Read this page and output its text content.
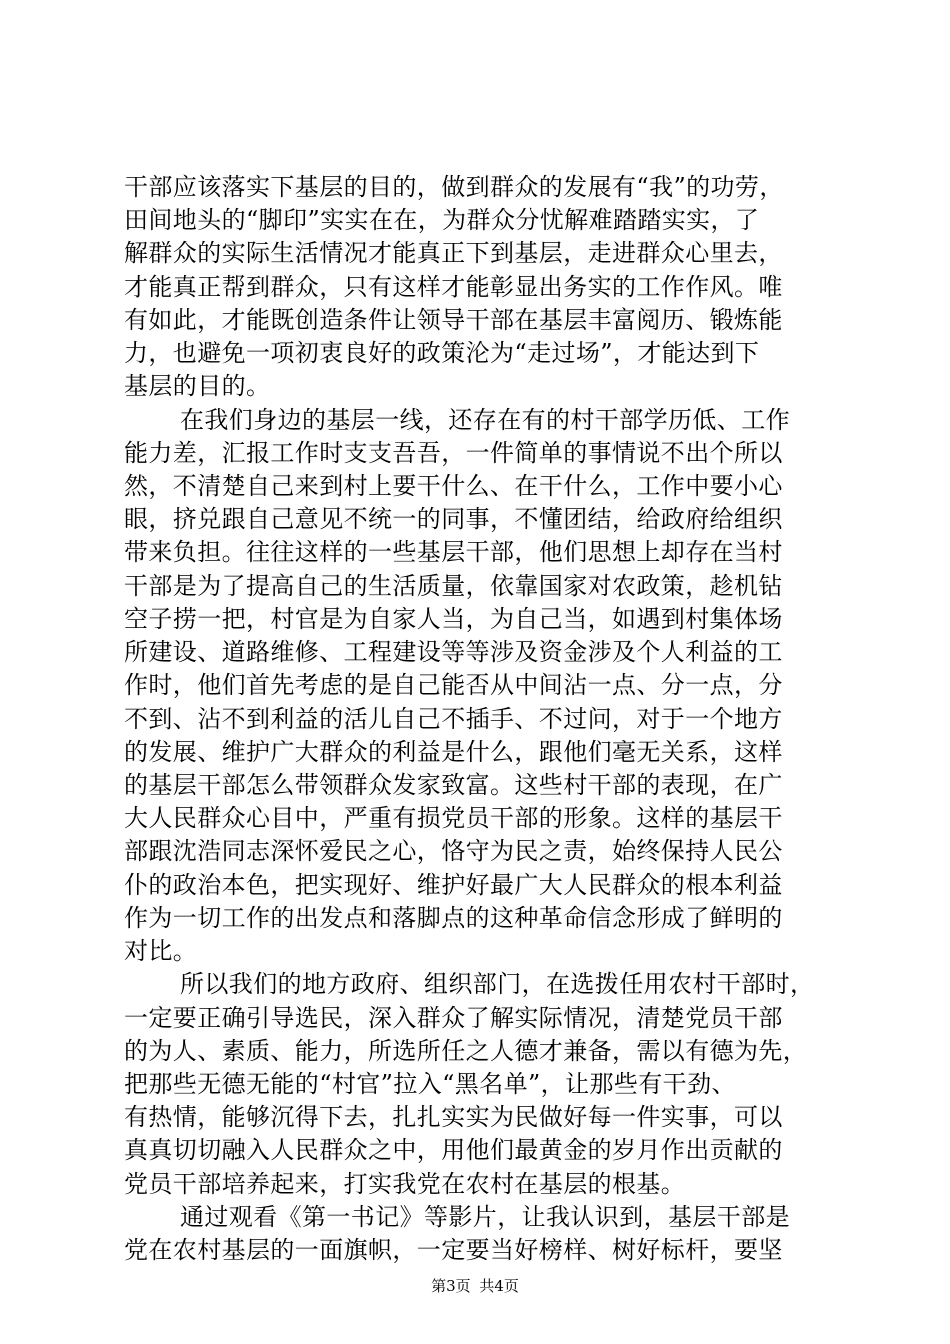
干部应该落实下基层的目的，做到群众的发展有“我”的功劳，
田间地头的“脚印”实实在在，为群众分忧解难踏踏实实，了
解群众的实际生活情况才能真正下到基层，走进群众心里去，
才能真正帮到群众，只有这样才能彰显出务实的工作作风。唯
有如此，才能既创造条件让领导干部在基层丰富阅历、锻炼能
力，也避免一项初衷良好的政策沦为“走过场”，才能达到下
基层的目的。
在我们身边的基层一线，还存在有的村干部学历低、工作
能力差，汇报工作时支支吾吾，一件简单的事情说不出个所以
然，不清楚自己来到村上要干什么、在干什么，工作中要小心
眼，挤兑跟自己意见不统一的同事，不懂团结，给政府给组织
带来负担。往往这样的一些基层干部，他们思想上却存在当村
干部是为了提高自己的生活质量，依靠国家对农政策，趁机钻
空子捞一把，村官是为自家人当，为自己当，如遇到村集体场
所建设、道路维修、工程建设等等涉及资金涉及个人利益的工
作时，他们首先考虑的是自己能否从中间沾一点、分一点，分
不到、沾不到利益的活儿自己不插手、不过问，对于一个地方
的发展、维护广大群众的利益是什么，跟他们毫无关系，这样
的基层干部怎么带领群众发家致富。这些村干部的表现，在广
大人民群众心目中，严重有损党员干部的形象。这样的基层干
部跟沈浩同志深怀爱民之心，恪守为民之责，始终保持人民公
仆的政治本色，把实现好、维护好最广大人民群众的根本利益
作为一切工作的出发点和落脚点的这种革命信念形成了鲜明的
对比。
所以我们的地方政府、组织部门，在选拨任用农村干部时，
一定要正确引导选民，深入群众了解实际情况，清楚党员干部
的为人、素质、能力，所选所任之人德才兼备，需以有德为先，
把那些无德无能的“村官”拉入“黑名单”，让那些有干劲、
有热情，能够沉得下去，扎扎实实为民做好每一件实事，可以
真真切切融入人民群众之中，用他们最黄金的岁月作出贡献的
党员干部培养起来，打实我党在农村在基层的根基。
通过观看《第一书记》等影片，让我认识到，基层干部是
党在农村基层的一面旗帜，一定要当好榜样、树好标杆，要坚
第3页 共4页
